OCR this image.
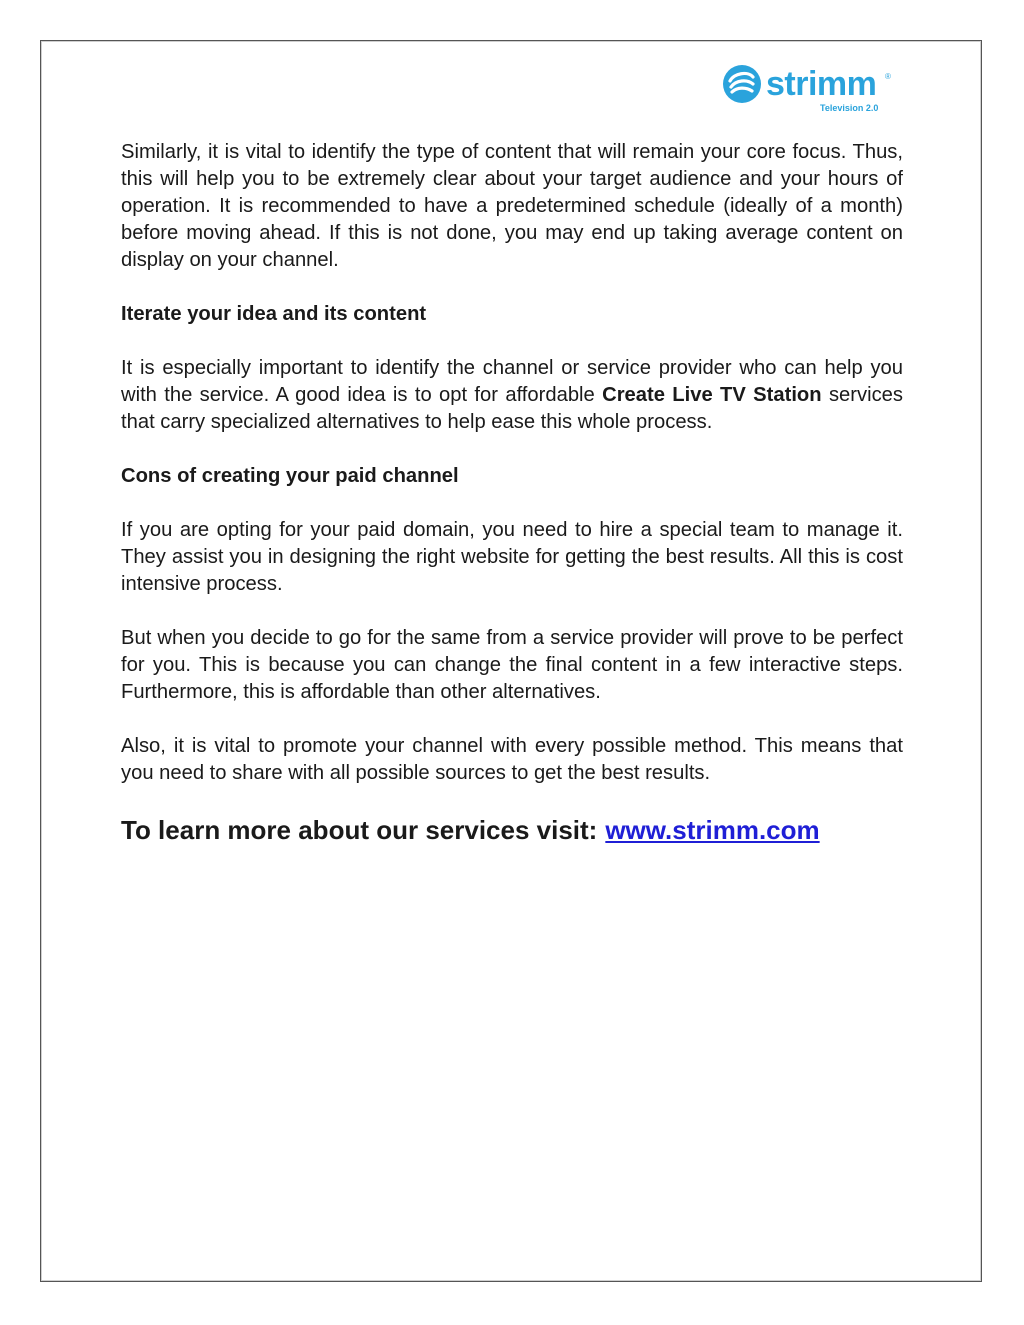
strimm ®
Television 2.0

Similarly, it is vital to identify the type of content that will remain your core focus. Thus, this will help you to be extremely clear about your target audience and your hours of operation. It is recommended to have a predetermined schedule (ideally of a month) before moving ahead. If this is not done, you may end up taking average content on display on your channel.

Iterate your idea and its content

It is especially important to identify the channel or service provider who can help you with the service. A good idea is to opt for affordable Create Live TV Station services that carry specialized alternatives to help ease this whole process.

Cons of creating your paid channel

If you are opting for your paid domain, you need to hire a special team to manage it. They assist you in designing the right website for getting the best results. All this is cost intensive process.

But when you decide to go for the same from a service provider will prove to be perfect for you. This is because you can change the final content in a few interactive steps. Furthermore, this is affordable than other alternatives.

Also, it is vital to promote your channel with every possible method. This means that you need to share with all possible sources to get the best results.

To learn more about our services visit: www.strimm.com
